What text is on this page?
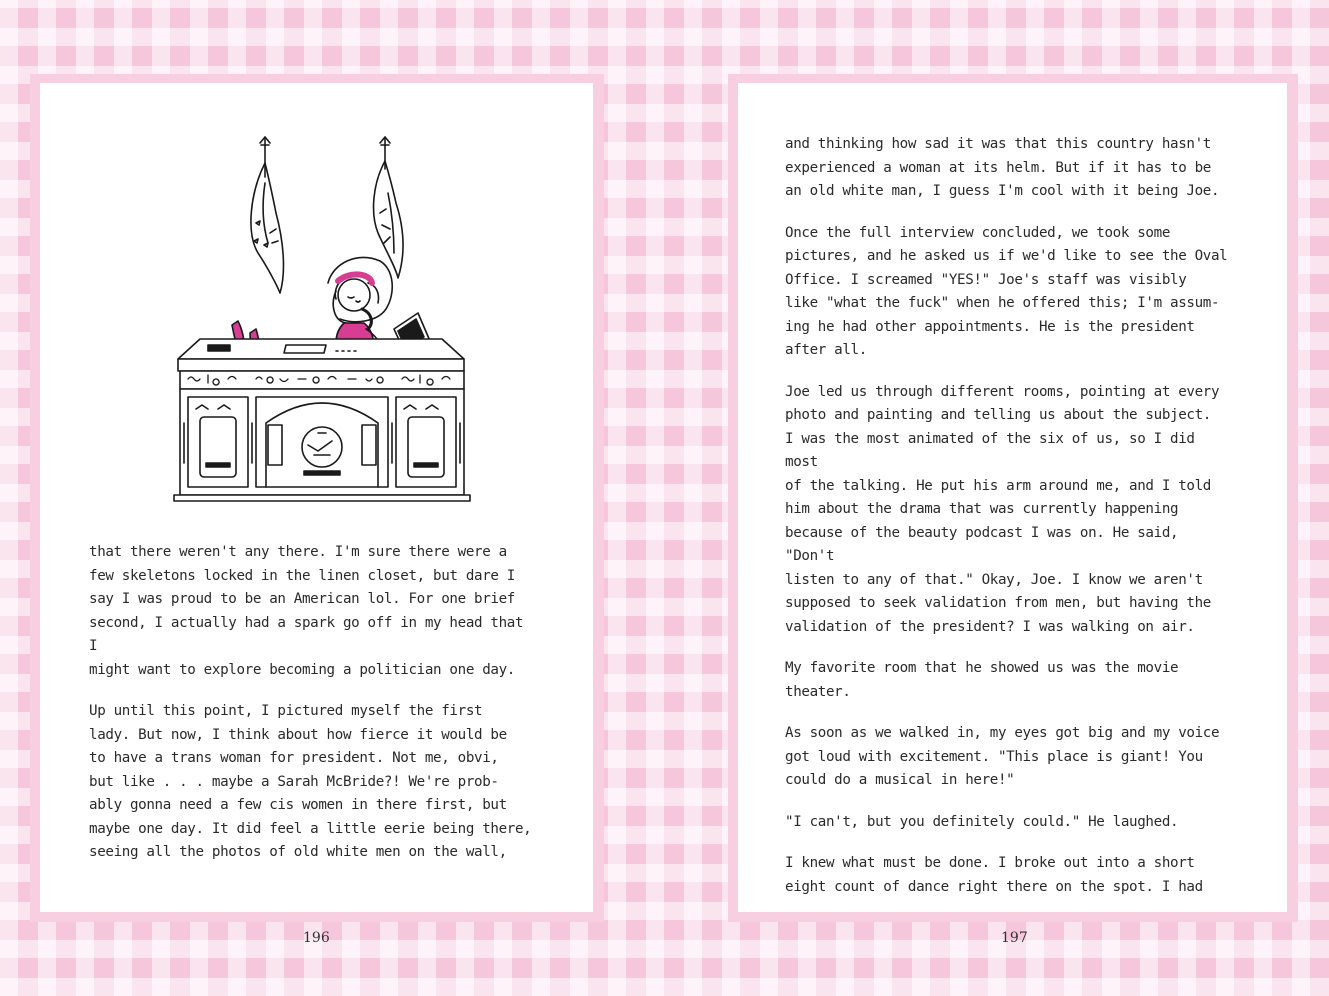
that there weren't any there. I'm sure there were a
few skeletons locked in the linen closet, but dare I
say I was proud to be an American lol. For one brief
second, I actually had a spark go off in my head that I
might want to explore becoming a politician one day.

Up until this point, I pictured myself the first
lady. But now, I think about how fierce it would be
to have a trans woman for president. Not me, obvi,
but like . . . maybe a Sarah McBride?! We're prob-
ably gonna need a few cis women in there first, but
maybe one day. It did feel a little eerie being there,
seeing all the photos of old white men on the wall,

and thinking how sad it was that this country hasn't
experienced a woman at its helm. But if it has to be
an old white man, I guess I'm cool with it being Joe.

Once the full interview concluded, we took some
pictures, and he asked us if we'd like to see the Oval
Office. I screamed "YES!" Joe's staff was visibly
like "what the fuck" when he offered this; I'm assum-
ing he had other appointments. He is the president
after all.

Joe led us through different rooms, pointing at every
photo and painting and telling us about the subject.
I was the most animated of the six of us, so I did most
of the talking. He put his arm around me, and I told
him about the drama that was currently happening
because of the beauty podcast I was on. He said, "Don't
listen to any of that." Okay, Joe. I know we aren't
supposed to seek validation from men, but having the
validation of the president? I was walking on air.

My favorite room that he showed us was the movie
theater.

As soon as we walked in, my eyes got big and my voice
got loud with excitement. "This place is giant! You
could do a musical in here!"

"I can't, but you definitely could." He laughed.

I knew what must be done. I broke out into a short
eight count of dance right there on the spot. I had

196	197
